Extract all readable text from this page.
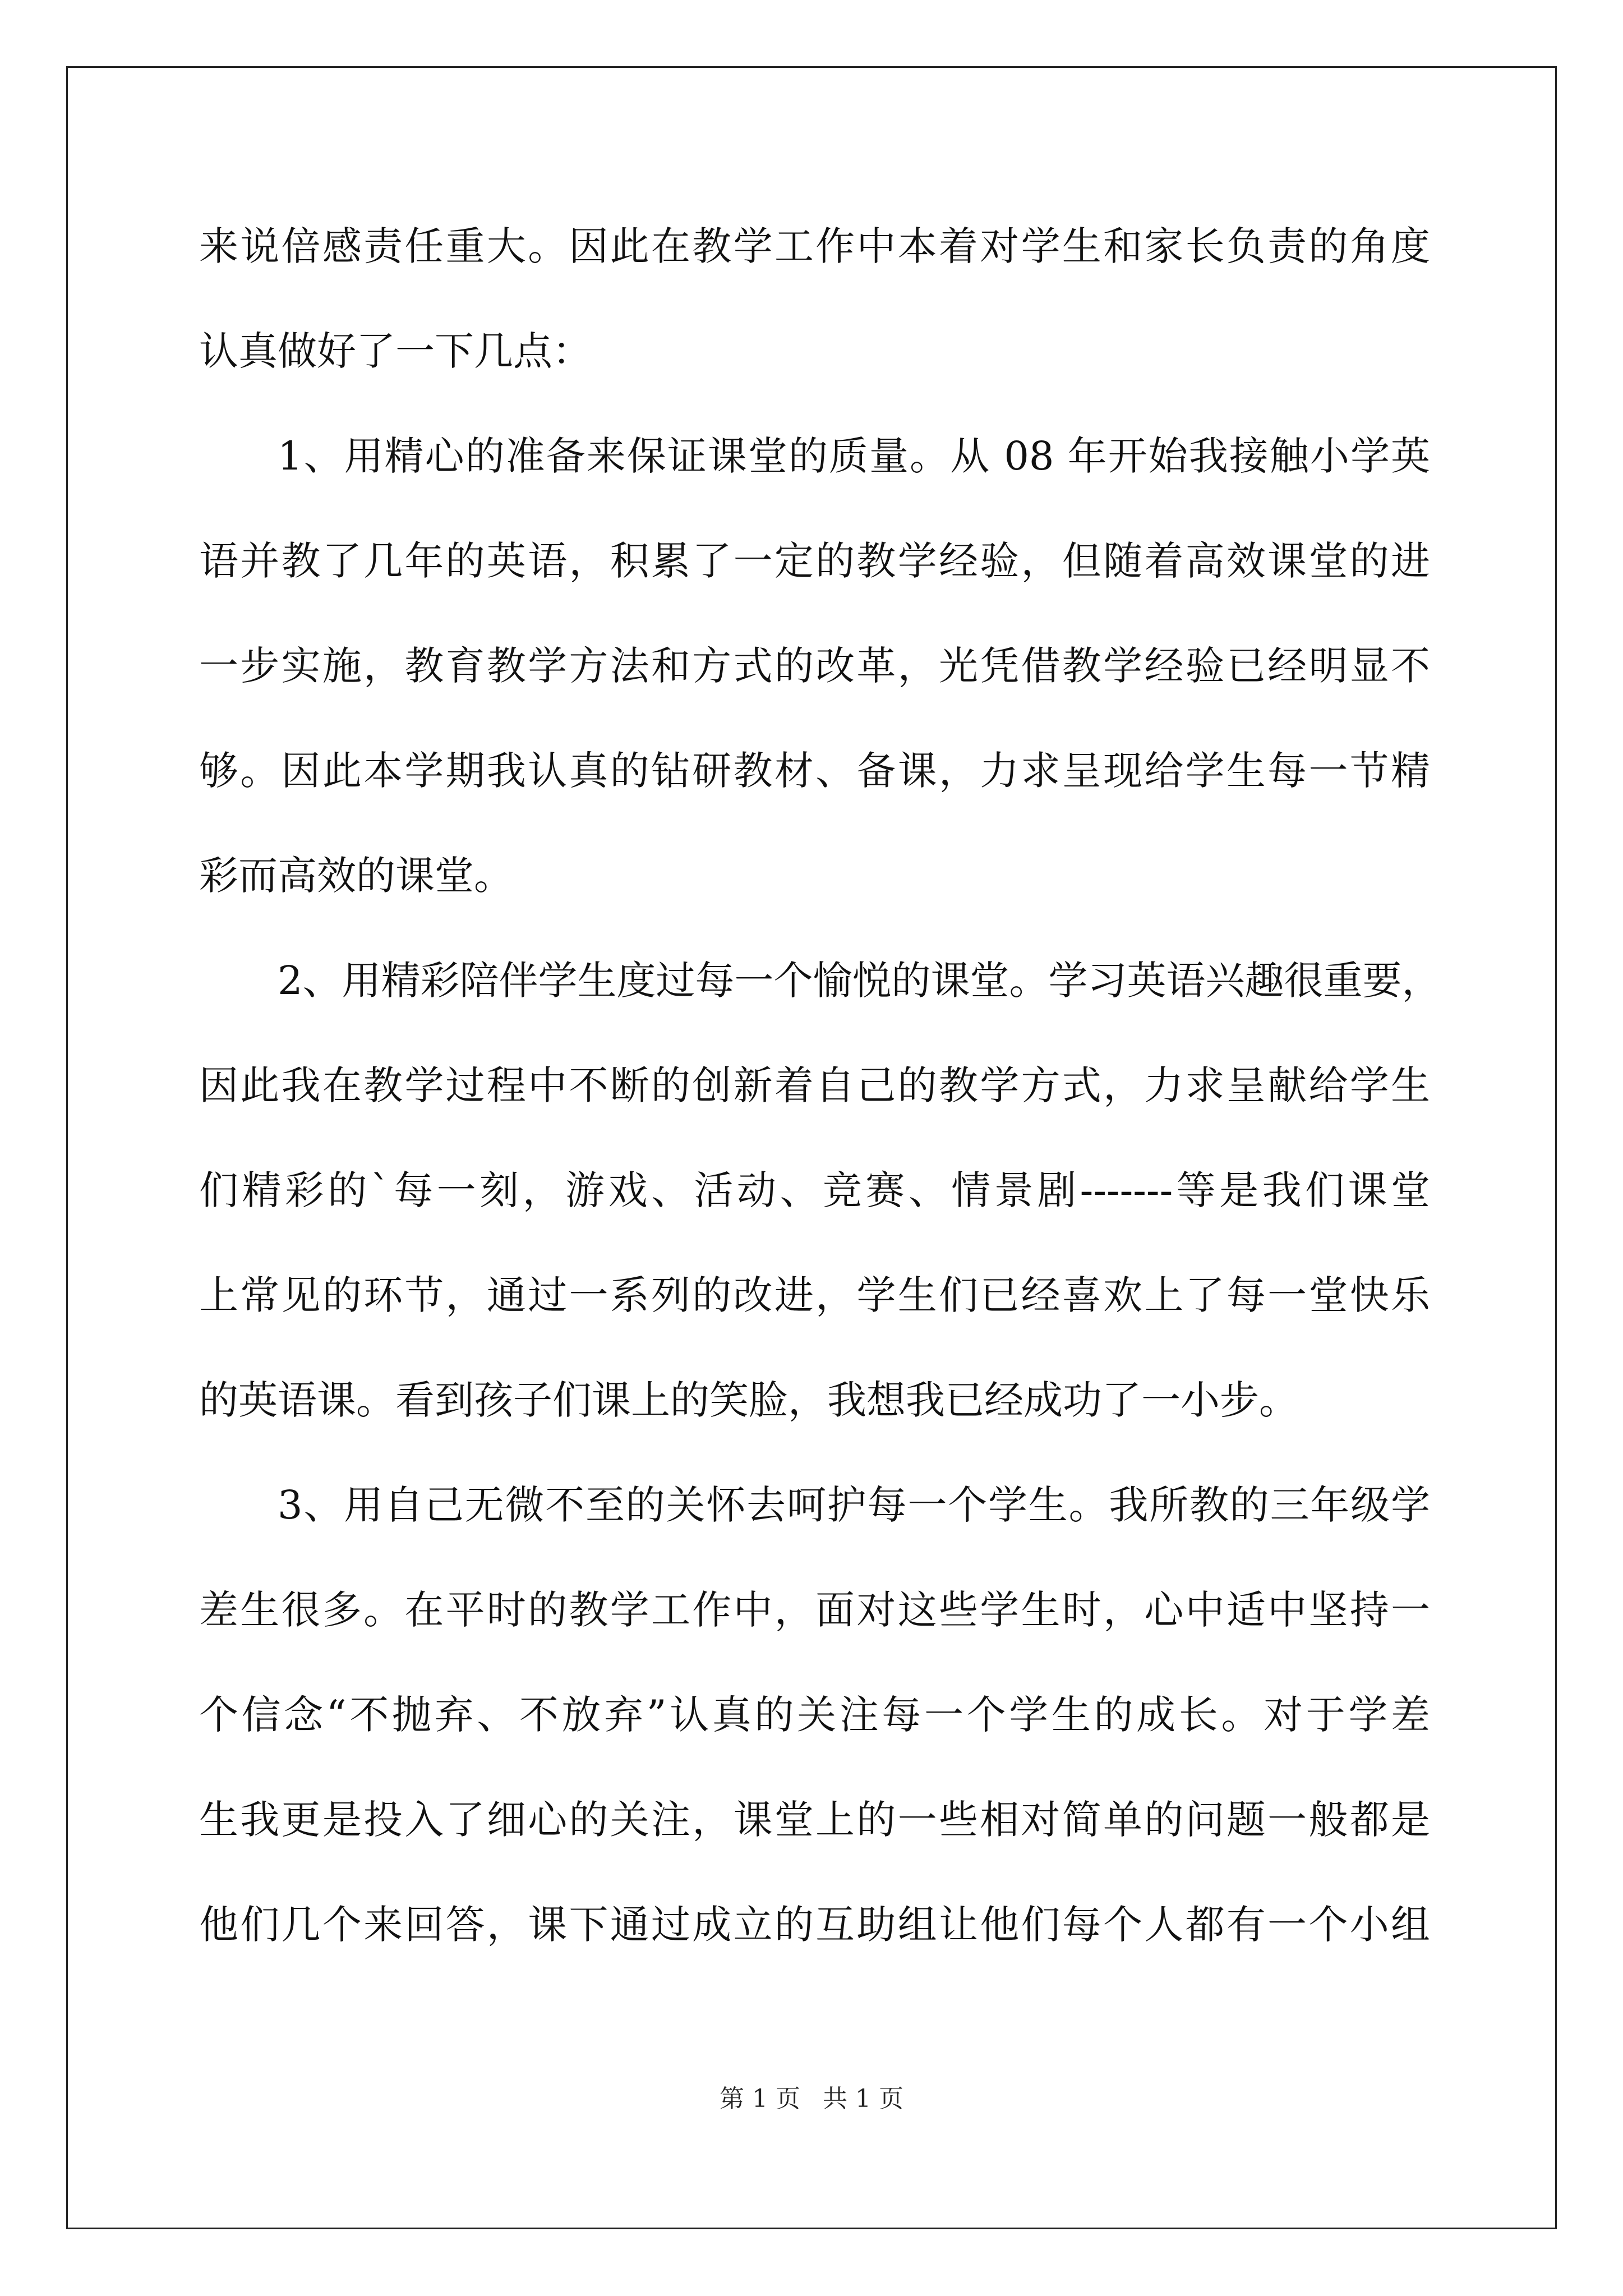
来说倍感责任重大。因此在教学工作中本着对学生和家长负责的角度
认真做好了一下几点：
1、用精心的准备来保证课堂的质量。从 08 年开始我接触小学英
语并教了几年的英语，积累了一定的教学经验，但随着高效课堂的进
一步实施，教育教学方法和方式的改革，光凭借教学经验已经明显不
够。因此本学期我认真的钻研教材、备课，力求呈现给学生每一节精
彩而高效的课堂。
2、用精彩陪伴学生度过每一个愉悦的课堂。学习英语兴趣很重要，
因此我在教学过程中不断的创新着自己的教学方式，力求呈献给学生
们精彩的`每一刻，游戏、活动、竞赛、情景剧-------等是我们课堂
上常见的环节，通过一系列的改进，学生们已经喜欢上了每一堂快乐
的英语课。看到孩子们课上的笑脸，我想我已经成功了一小步。
3、用自己无微不至的关怀去呵护每一个学生。我所教的三年级学
差生很多。在平时的教学工作中，面对这些学生时，心中适中坚持一
个信念“不抛弃、不放弃”认真的关注每一个学生的成长。对于学差
生我更是投入了细心的关注，课堂上的一些相对简单的问题一般都是
他们几个来回答，课下通过成立的互助组让他们每个人都有一个小组
第 1 页 共 1 页
